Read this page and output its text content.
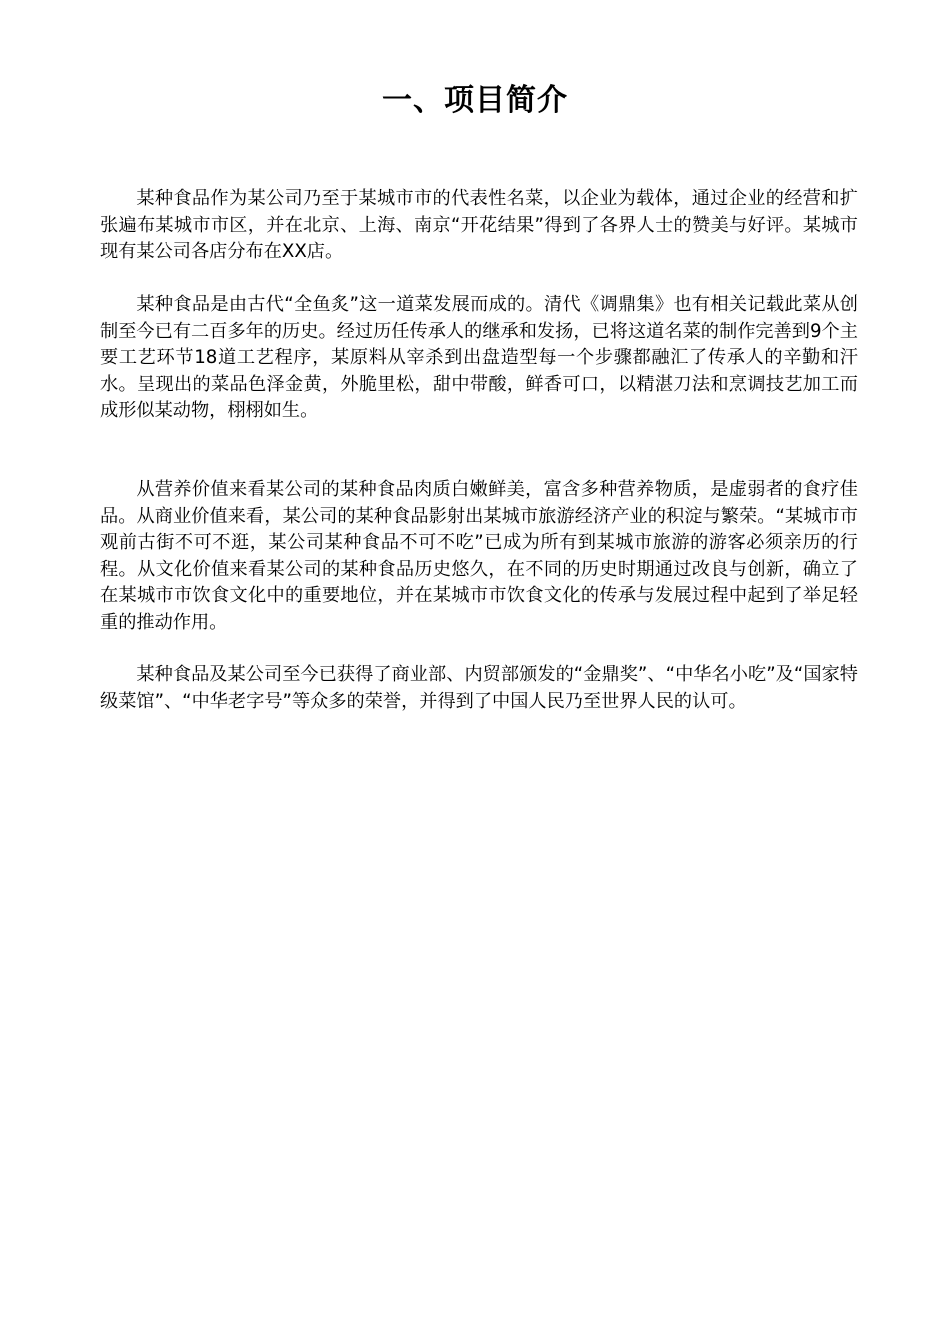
一、项目简介

某种食品作为某公司乃至于某城市市的代表性名菜，以企业为载体，通过企业的经营和扩张遍布某城市市区，并在北京、上海、南京“开花结果”得到了各界人士的赞美与好评。某城市现有某公司各店分布在XX店。

某种食品是由古代“全鱼炙”这一道菜发展而成的。清代《调鼎集》也有相关记载此菜从创制至今已有二百多年的历史。经过历任传承人的继承和发扬，已将这道名菜的制作完善到9个主要工艺环节18道工艺程序，某原料从宰杀到出盘造型每一个步骤都融汇了传承人的辛勤和汗水。呈现出的菜品色泽金黄，外脆里松，甜中带酸，鲜香可口，以精湛刀法和烹调技艺加工而成形似某动物，栩栩如生。

从营养价值来看某公司的某种食品肉质白嫩鲜美，富含多种营养物质，是虚弱者的食疗佳品。从商业价值来看，某公司的某种食品影射出某城市旅游经济产业的积淀与繁荣。“某城市市观前古街不可不逛，某公司某种食品不可不吃”已成为所有到某城市旅游的游客必须亲历的行程。从文化价值来看某公司的某种食品历史悠久，在不同的历史时期通过改良与创新，确立了在某城市市饮食文化中的重要地位，并在某城市市饮食文化的传承与发展过程中起到了举足轻重的推动作用。

某种食品及某公司至今已获得了商业部、内贸部颁发的“金鼎奖”、“中华名小吃”及“国家特级菜馆”、“中华老字号”等众多的荣誉，并得到了中国人民乃至世界人民的认可。
